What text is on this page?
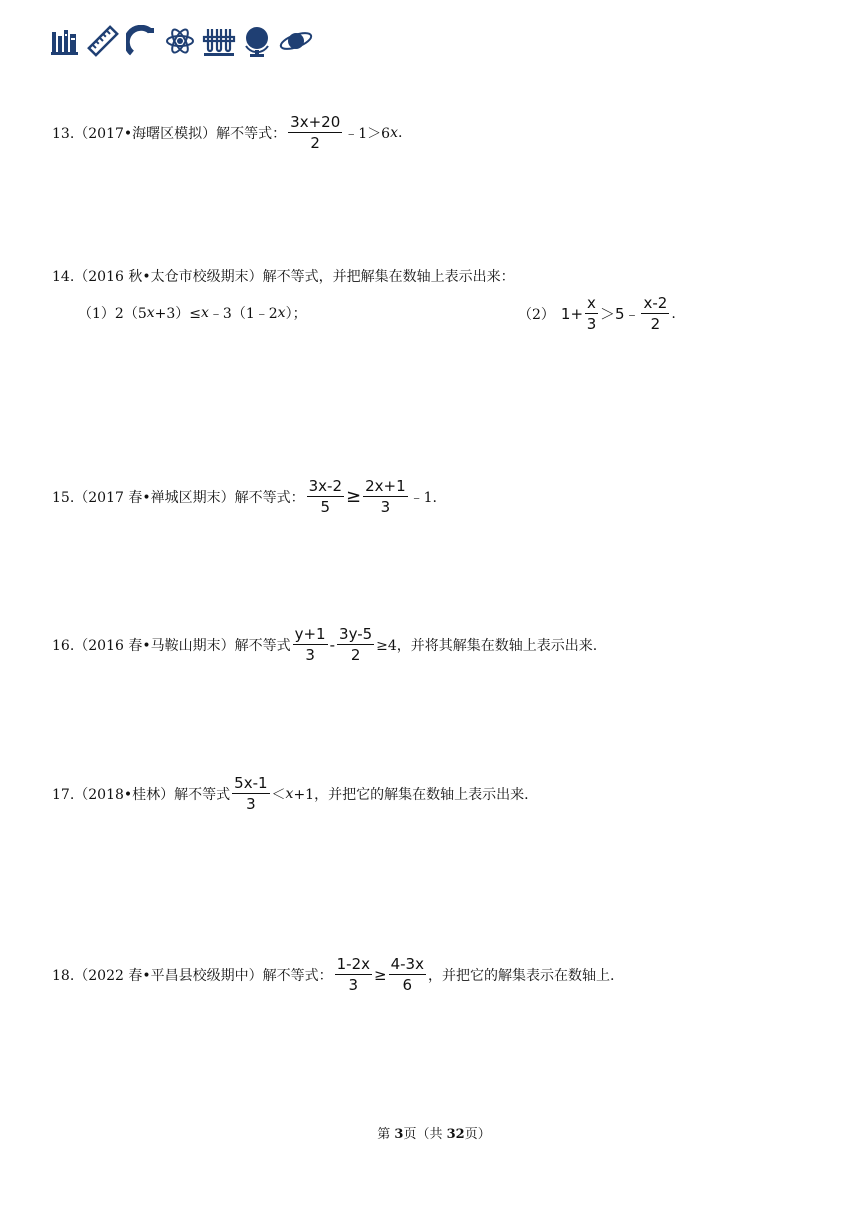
13.（2017•海曙区模拟）解不等式： $\frac{3x+20}{2}$ ﹣1＞6 x .
14.（2016 秋•太仓市校级期末）解不等式，并把解集在数轴上表示出来：
（1） 2（5 x +3）≤ x ﹣3（1﹣2 x ）；	（2） $1+ \frac{x}{3}$ ＞5﹣ $\frac{x-2}{2}$ .
15.（2017 春•禅城区期末）解不等式： $\frac{3x-2}{5} \ge \frac{2x+1}{3}$ ﹣1.
16.（2016 春•马鞍山期末）解不等式 $\frac{y+1}{3} - \frac{3y-5}{2} \ge 4$，并将其解集在数轴上表示出来.
17.（2018•桂林）解不等式 $\frac{5x-1}{3} < x +1$，并把它的解集在数轴上表示出来.
18.（2022 春•平昌县校级期中）解不等式： $\frac{1-2x}{3} \ge \frac{4-3x}{6}$ ，并把它的解集表示在数轴上.
第 3页（共 32页）
